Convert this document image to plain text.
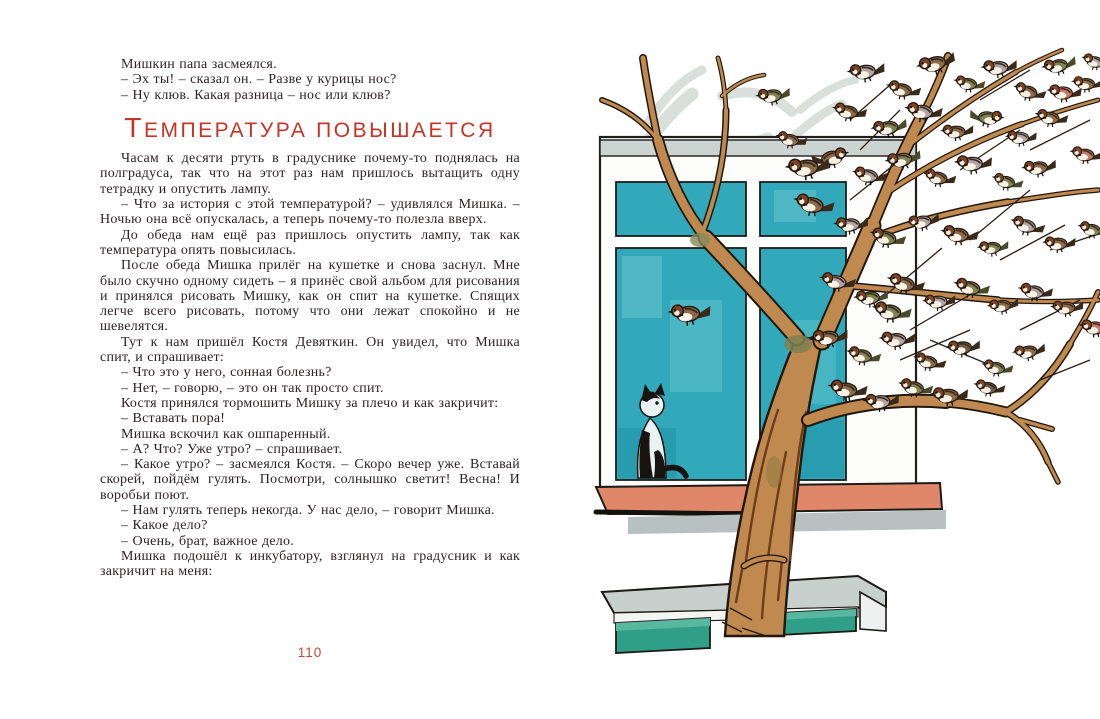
Мишкин папа засмеялся.

– Эх ты! – сказал он. – Разве у курицы нос?

– Ну клюв. Какая разница – нос или клюв?

ТЕМПЕРАТУРА ПОВЫШАЕТСЯ

Часам к десяти ртуть в градуснике почему-то поднялась на полградуса, так что на этот раз нам пришлось вытащить одну тетрадку и опустить лампу.

– Что за история с этой температурой? – удивлялся Мишка. – Ночью она всё опускалась, а теперь почему-то полезла вверх.

До обеда нам ещё раз пришлось опустить лампу, так как температура опять повысилась.

После обеда Мишка прилёг на кушетке и снова заснул. Мне было скучно одному сидеть – я принёс свой альбом для рисования и принялся рисовать Мишку, как он спит на кушетке. Спящих легче всего рисовать, потому что они лежат спокойно и не шевелятся.

Тут к нам пришёл Костя Девяткин. Он увидел, что Мишка спит, и спрашивает:

– Что это у него, сонная болезнь?

– Нет, – говорю, – это он так просто спит.

Костя принялся тормошить Мишку за плечо и как закричит:

– Вставать пора!

Мишка вскочил как ошпаренный.

– А? Что? Уже утро? – спрашивает.

– Какое утро? – засмеялся Костя. – Скоро вечер уже. Вставай скорей, пойдём гулять. Посмотри, солнышко светит! Весна! И воробьи поют.

– Нам гулять теперь некогда. У нас дело, – говорит Мишка.

– Какое дело?

– Очень, брат, важное дело.

Мишка подошёл к инкубатору, взглянул на градусник и как закричит на меня:

110
